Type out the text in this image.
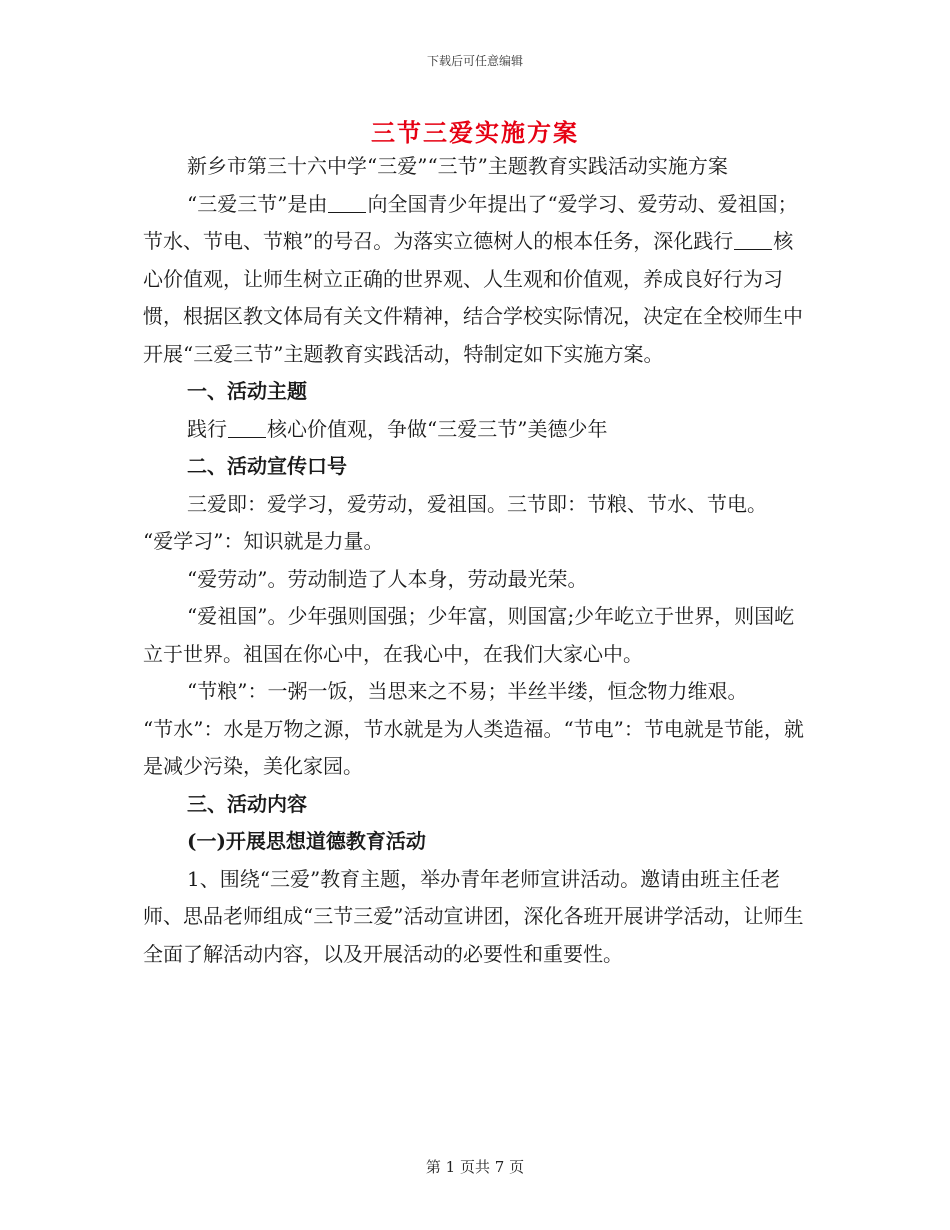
下载后可任意编辑
三节三爱实施方案

新乡市第三十六中学“三爱”“三节”主题教育实践活动实施方案

“三爱三节”是由 向全国青少年提出了“爱学习、爱劳动、爱祖国；节水、节电、节粮”的号召。为落实立德树人的根本任务，深化践行 核心价值观，让师生树立正确的世界观、人生观和价值观，养成良好行为习惯，根据区教文体局有关文件精神，结合学校实际情况，决定在全校师生中开展“三爱三节”主题教育实践活动，特制定如下实施方案。

一、活动主题

践行 核心价值观，争做“三爱三节”美德少年

二、活动宣传口号

三爱即：爱学习，爱劳动，爱祖国。三节即：节粮、节水、节电。

“爱学习”：知识就是力量。

“爱劳动”。劳动制造了人本身，劳动最光荣。

“爱祖国”。少年强则国强；少年富，则国富;少年屹立于世界，则国屹立于世界。祖国在你心中，在我心中，在我们大家心中。

“节粮”：一粥一饭，当思来之不易；半丝半缕，恒念物力维艰。

“节水”：水是万物之源，节水就是为人类造福。“节电”：节电就是节能，就是减少污染，美化家园。

三、活动内容

(一)开展思想道德教育活动

1、围绕“三爱”教育主题，举办青年老师宣讲活动。邀请由班主任老师、思品老师组成“三节三爱”活动宣讲团，深化各班开展讲学活动，让师生全面了解活动内容，以及开展活动的必要性和重要性。

第 1 页共 7 页
